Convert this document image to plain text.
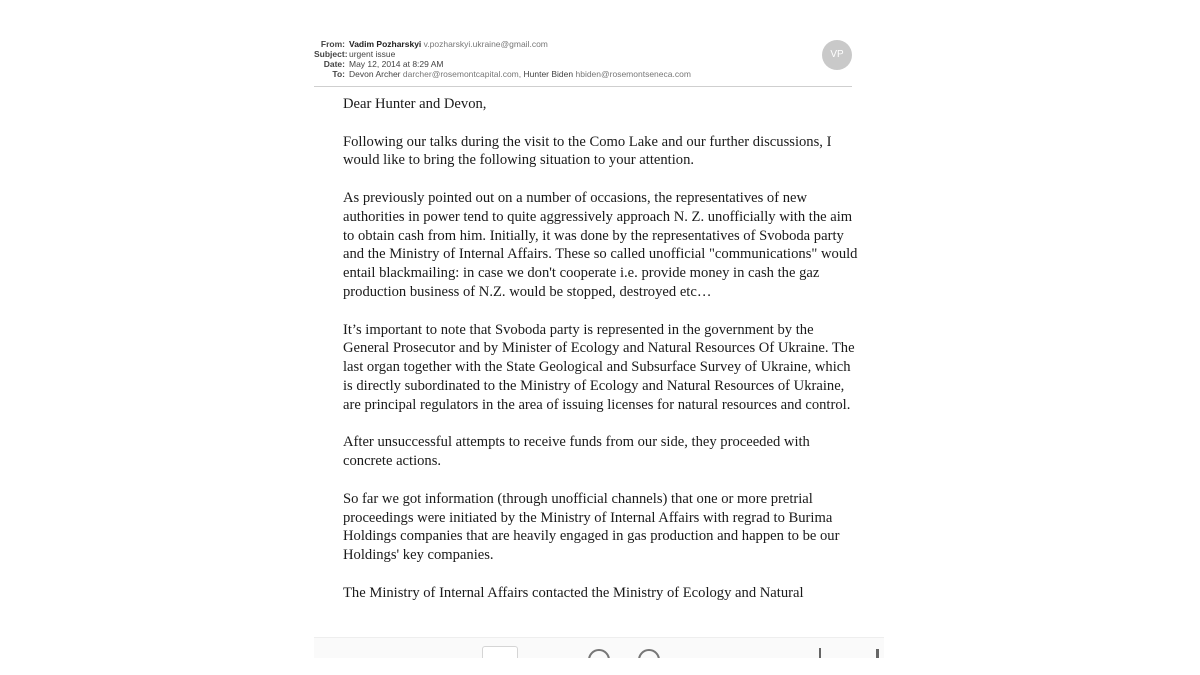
From: Vadim Pozharskyi v.pozharskyi.ukraine@gmail.com
Subject:urgent issue
Date: May 12, 2014 at 8:29 AM
To: Devon Archer darcher@rosemontcapital.com, Hunter Biden hbiden@rosemontseneca.com
VP

Dear Hunter and Devon,

Following our talks during the visit to the Como Lake and our further discussions, I would like to bring the following situation to your attention.

As previously pointed out on a number of occasions, the representatives of new authorities in power tend to quite aggressively approach N. Z. unofficially with the aim to obtain cash from him. Initially, it was done by the representatives of Svoboda party and the Ministry of Internal Affairs. These so called unofficial "communications" would entail blackmailing: in case we don't cooperate i.e. provide money in cash the gaz production business of N.Z. would be stopped, destroyed etc…

It’s important to note that Svoboda party is represented in the government by the General Prosecutor and by Minister of Ecology and Natural Resources Of Ukraine. The last organ together with the State Geological and Subsurface Survey of Ukraine, which is directly subordinated to the Ministry of Ecology and Natural Resources of Ukraine, are principal regulators in the area of issuing licenses for natural resources and control.

After unsuccessful attempts to receive funds from our side, they proceeded with concrete actions.

So far we got information (through unofficial channels) that one or more pretrial proceedings were initiated by the Ministry of Internal Affairs with regrad to Burima Holdings companies that are heavily engaged in gas production and happen to be our Holdings' key companies.

The Ministry of Internal Affairs contacted the Ministry of Ecology and Natural
